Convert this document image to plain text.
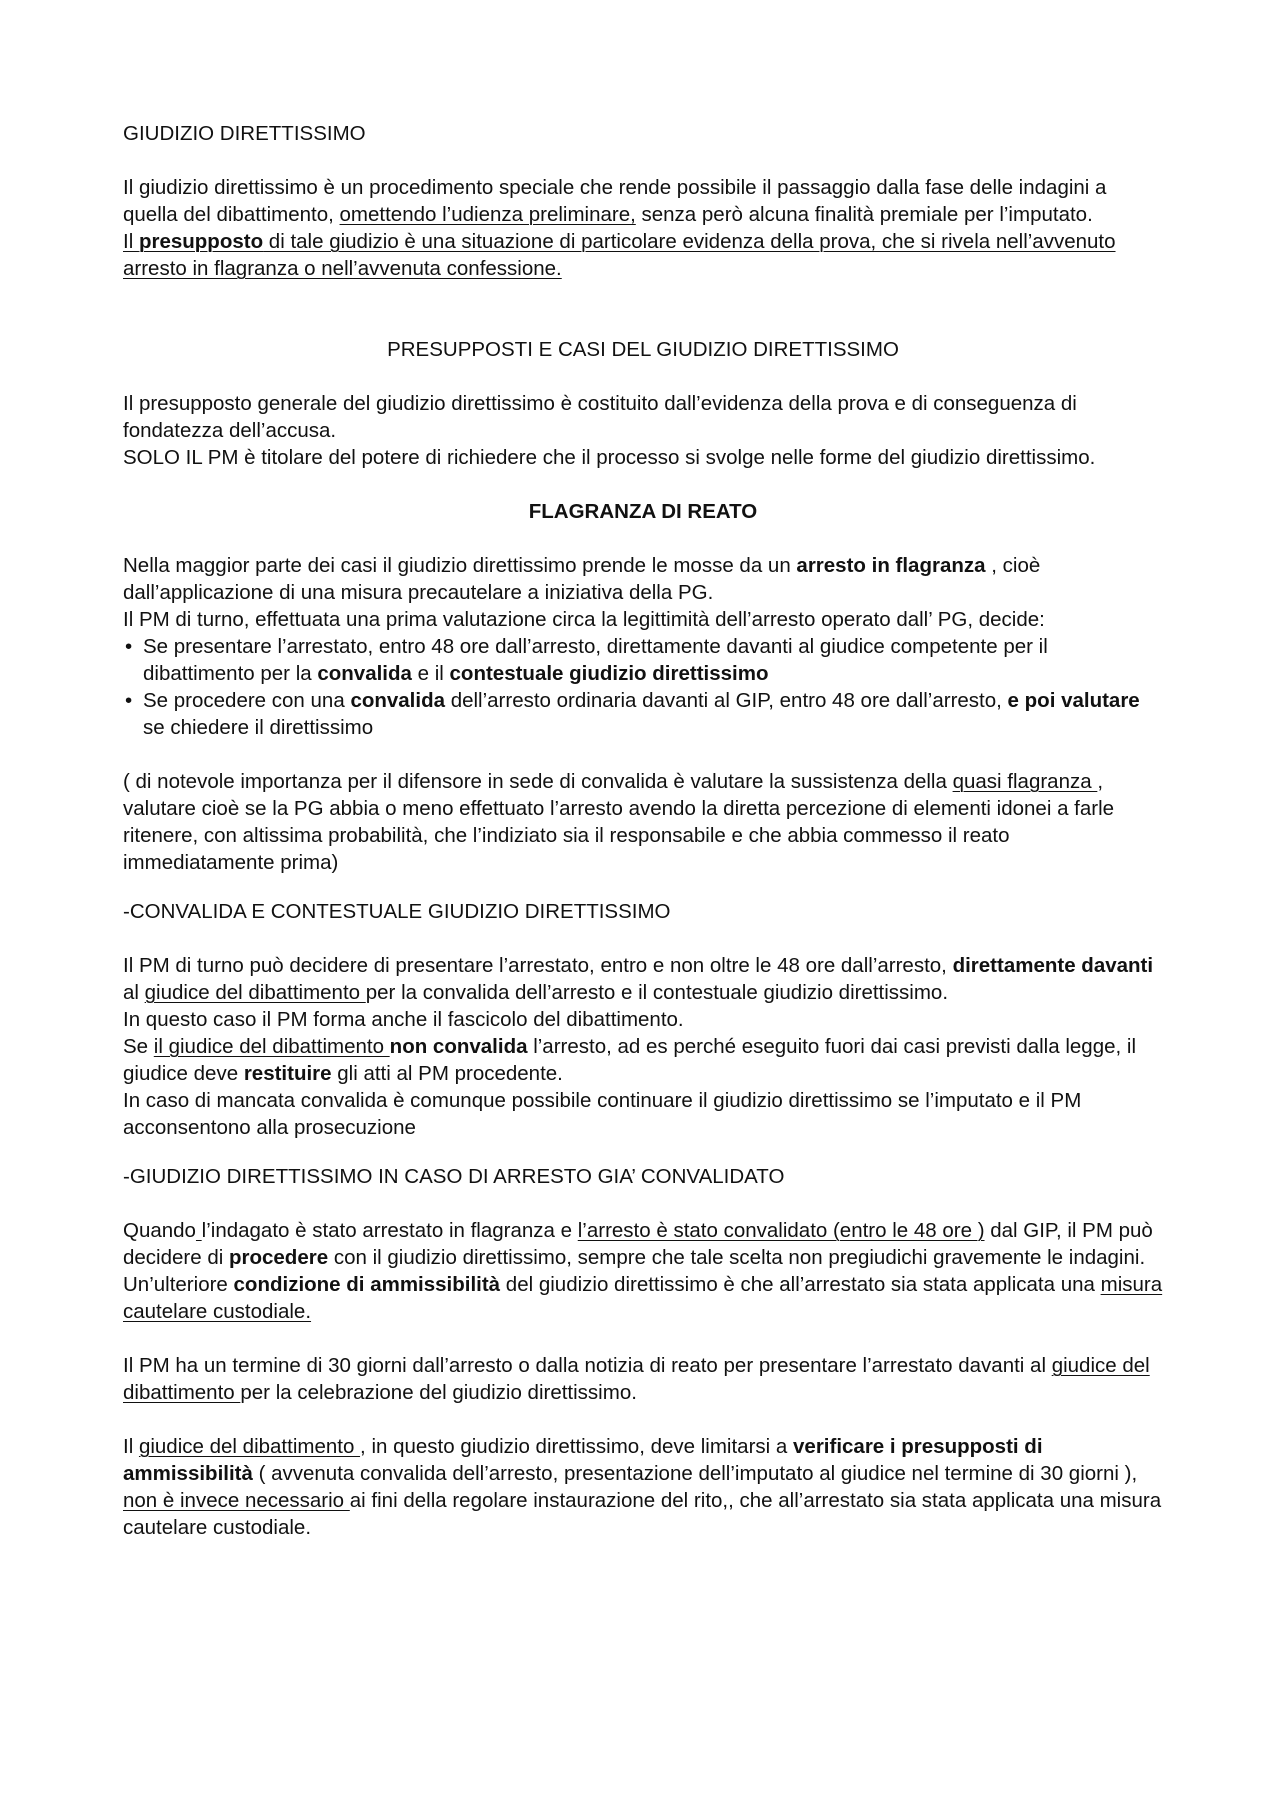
GIUDIZIO DIRETTISSIMO

Il giudizio direttissimo è un procedimento speciale che rende possibile il passaggio dalla fase delle indagini a quella del dibattimento, omettendo l’udienza preliminare, senza però alcuna finalità premiale per l’imputato.

Il presupposto di tale giudizio è una situazione di particolare evidenza della prova, che si rivela nell’avvenuto arresto in flagranza o nell’avvenuta confessione.

PRESUPPOSTI E CASI DEL GIUDIZIO DIRETTISSIMO

Il presupposto generale del giudizio direttissimo è costituito dall’evidenza della prova e di conseguenza di fondatezza dell’accusa.

SOLO IL PM è titolare del potere di richiedere che il processo si svolge nelle forme del giudizio direttissimo.

FLAGRANZA DI REATO

Nella maggior parte dei casi il giudizio direttissimo prende le mosse da un arresto in flagranza , cioè dall’applicazione di una misura precautelare a iniziativa della PG.

Il PM di turno, effettuata una prima valutazione circa la legittimità dell’arresto operato dall’ PG, decide:

• Se presentare l’arrestato, entro 48 ore dall’arresto, direttamente davanti al giudice competente per il dibattimento per la convalida e il contestuale giudizio direttissimo
• Se procedere con una convalida dell’arresto ordinaria davanti al GIP, entro 48 ore dall’arresto, e poi valutare se chiedere il direttissimo

( di notevole importanza per il difensore in sede di convalida è valutare la sussistenza della quasi flagranza , valutare cioè se la PG abbia o meno effettuato l’arresto avendo la diretta percezione di elementi idonei a farle ritenere, con altissima probabilità, che l’indiziato sia il responsabile e che abbia commesso il reato immediatamente prima)

-CONVALIDA E CONTESTUALE GIUDIZIO DIRETTISSIMO

Il PM di turno può decidere di presentare l’arrestato, entro e non oltre le 48 ore dall’arresto, direttamente davanti al giudice del dibattimento per la convalida dell’arresto e il contestuale giudizio direttissimo.

In questo caso il PM forma anche il fascicolo del dibattimento.

Se il giudice del dibattimento non convalida l’arresto, ad es perché eseguito fuori dai casi previsti dalla legge, il giudice deve restituire gli atti al PM procedente.

In caso di mancata convalida è comunque possibile continuare il giudizio direttissimo se l’imputato e il PM acconsentono alla prosecuzione

-GIUDIZIO DIRETTISSIMO IN CASO DI ARRESTO GIA’ CONVALIDATO

Quando l’indagato è stato arrestato in flagranza e l’arresto è stato convalidato (entro le 48 ore ) dal GIP, il PM può decidere di procedere con il giudizio direttissimo, sempre che tale scelta non pregiudichi gravemente le indagini.

Un’ulteriore condizione di ammissibilità del giudizio direttissimo è che all’arrestato sia stata applicata una misura cautelare custodiale.

Il PM ha un termine di 30 giorni dall’arresto o dalla notizia di reato per presentare l’arrestato davanti al giudice del dibattimento per la celebrazione del giudizio direttissimo.

Il giudice del dibattimento , in questo giudizio direttissimo, deve limitarsi a verificare i presupposti di ammissibilità ( avvenuta convalida dell’arresto, presentazione dell’imputato al giudice nel termine di 30 giorni ), non è invece necessario ai fini della regolare instaurazione del rito,, che all’arrestato sia stata applicata una misura cautelare custodiale.
